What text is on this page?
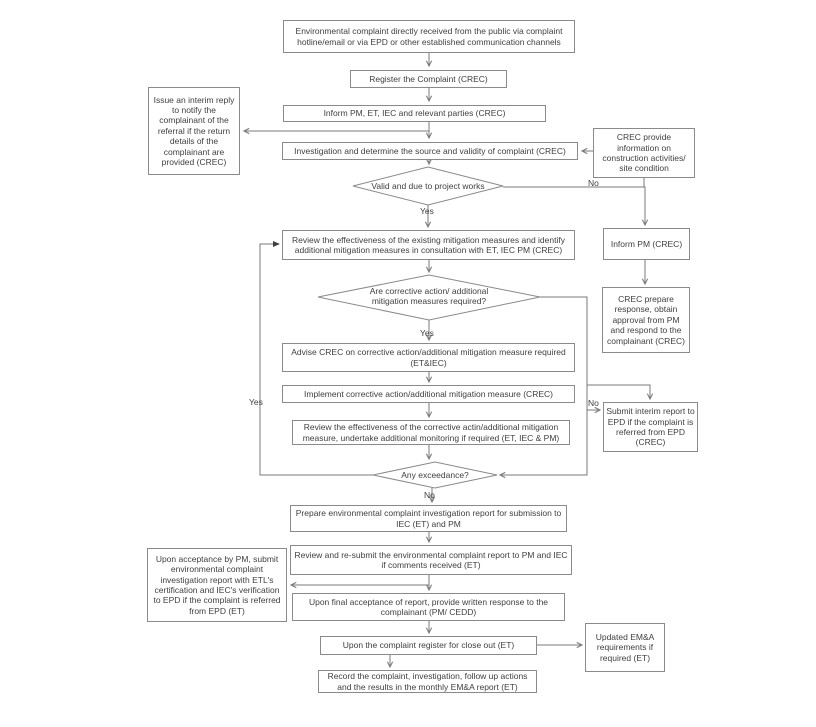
Environmental complaint directly received from the public via complaint hotline/email or via EPD or other established communication channels
Register the Complaint (CREC)
Inform PM, ET, IEC and relevant parties (CREC)
Issue an interim reply to notify the complainant of the referral if the return details of the complainant are provided (CREC)
Investigation and determine the source and validity of complaint (CREC)
CREC provide information on construction activities/ site condition
Inform PM (CREC)
Review the effectiveness of the existing mitigation measures and identify additional mitigation measures in consultation with ET, IEC PM (CREC)
CREC prepare response, obtain approval from PM and respond to the complainant (CREC)
Advise CREC on corrective action/additional mitigation measure required (ET&IEC)
Implement corrective action/additional mitigation measure (CREC)
Review the effectiveness of the corrective actin/additional mitigation measure, undertake additional monitoring if required (ET, IEC & PM)
Submit interim report to EPD if the complaint is referred from EPD (CREC)
Prepare environmental complaint investigation report for submission to IEC (ET) and PM
Review and re-submit the environmental complaint report to PM and IEC if comments received (ET)
Upon acceptance by PM, submit environmental complaint investigation report with ETL's certification and IEC's verification to EPD if the complaint is referred from EPD (ET)
Upon final acceptance of report, provide written response to the complainant (PM/ CEDD)
Upon the complaint register for close out (ET)
Updated EM&A requirements if required (ET)
Record the complaint, investigation, follow up actions and the results in the monthly EM&A report (ET)
Valid and due to project works
Are corrective action/ additional mitigation measures required?
Any exceedance?
No
Yes
Yes
No
Yes
No
